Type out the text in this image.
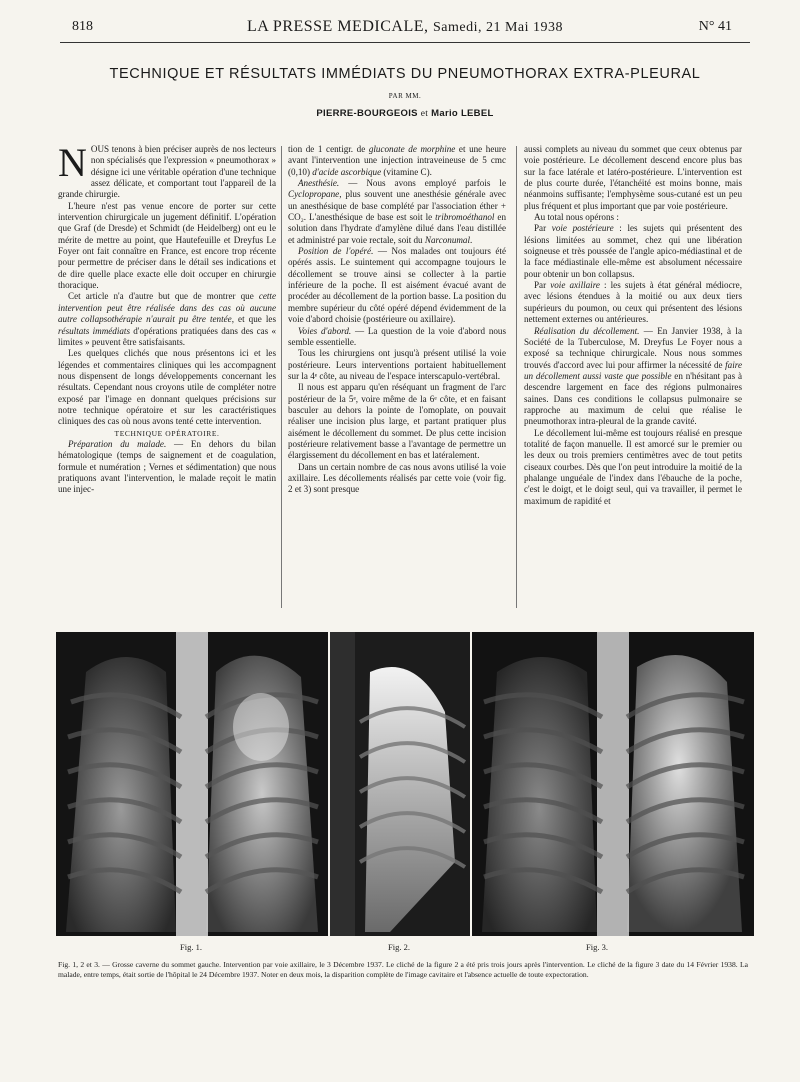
818	LA PRESSE MEDICALE, Samedi, 21 Mai 1938	N° 41
TECHNIQUE ET RÉSULTATS IMMÉDIATS DU PNEUMOTHORAX EXTRA-PLEURAL
PAR MM.
PIERRE-BOURGEOIS et Mario LEBEL

NOUS tenons à bien préciser auprès de nos lecteurs non spécialisés que l'expression « pneumothorax » désigne ici une véritable opération d'une technique assez délicate, et comportant tout l'appareil de la grande chirurgie.

L'heure n'est pas venue encore de porter sur cette intervention chirurgicale un jugement définitif. L'opération que Graf (de Dresde) et Schmidt (de Heidelberg) ont eu le mérite de mettre au point, que Hautefeuille et Dreyfus Le Foyer ont fait connaître en France, est encore trop récente pour permettre de préciser dans le détail ses indications et de dire quelle place exacte elle doit occuper en chirurgie thoracique.

Cet article n'a d'autre but que de montrer que cette intervention peut être réalisée dans des cas où aucune autre collapsothérapie n'aurait pu être tentée, et que les résultats immédiats d'opérations pratiquées dans des cas « limites » peuvent être satisfaisants.

Les quelques clichés que nous présentons ici et les légendes et commentaires cliniques qui les accompagnent nous dispensent de longs développements concernant les résultats. Cependant nous croyons utile de compléter notre exposé par l'image en donnant quelques précisions sur notre technique opératoire et sur les caractéristiques cliniques des cas où nous avons tenté cette intervention.

TECHNIQUE OPÉRATOIRE.

Préparation du malade. — En dehors du bilan hématologique (temps de saignement et de coagulation, formule et numération ; Vernes et sédimentation) que nous pratiquons avant l'intervention, le malade reçoit le matin une injec-

tion de 1 centigr. de gluconate de morphine et une heure avant l'intervention une injection intraveineuse de 5 cmc (0,10) d'acide ascorbique (vitamine C).

Anesthésie. — Nous avons employé parfois le Cyclopropane, plus souvent une anesthésie générale avec un anesthésique de base complété par l'association éther + CO₂. L'anesthésique de base est soit le tribromoéthanol en solution dans l'hydrate d'amylène dilué dans l'eau distillée et administré par voie rectale, soit du Narconumal.

Position de l'opéré. — Nos malades ont toujours été opérés assis. Le suintement qui accompagne toujours le décollement se trouve ainsi se collecter à la partie inférieure de la poche. Il est aisément évacué avant de procéder au décollement de la portion basse. La position du membre supérieur du côté opéré dépend évidemment de la voie d'abord choisie (postérieure ou axillaire).

Voies d'abord. — La question de la voie d'abord nous semble essentielle.

Tous les chirurgiens ont jusqu'à présent utilisé la voie postérieure. Leurs interventions portaient habituellement sur la 4ᵉ côte, au niveau de l'espace interscapulo-vertébral.

Il nous est apparu qu'en réséquant un fragment de l'arc postérieur de la 5ᵉ, voire même de la 6ᵉ côte, et en faisant basculer au dehors la pointe de l'omoplate, on pouvait réaliser une incision plus large, et partant pratiquer plus aisément le décollement du sommet. De plus cette incision postérieure relativement basse a l'avantage de permettre un élargissement du décollement en bas et latéralement.

Dans un certain nombre de cas nous avons utilisé la voie axillaire. Les décollements réalisés par cette voie (voir fig. 2 et 3) sont presque

aussi complets au niveau du sommet que ceux obtenus par voie postérieure. Le décollement descend encore plus bas sur la face latérale et latéro-postérieure. L'intervention est de plus courte durée, l'étanchéité est moins bonne, mais néanmoins suffisante; l'emphysème sous-cutané est un peu plus fréquent et plus important que par voie postérieure.

Au total nous opérons :

Par voie postérieure : les sujets qui présentent des lésions limitées au sommet, chez qui une libération soigneuse et très poussée de l'angle apico-médiastinal et de la face médiastinale elle-même est absolument nécessaire pour obtenir un bon collapsus.

Par voie axillaire : les sujets à état général médiocre, avec lésions étendues à la moitié ou aux deux tiers supérieurs du poumon, ou ceux qui présentent des lésions nettement externes ou antérieures.

Réalisation du décollement. — En Janvier 1938, à la Société de la Tuberculose, M. Dreyfus Le Foyer nous a exposé sa technique chirurgicale. Nous nous sommes trouvés d'accord avec lui pour affirmer la nécessité de faire un décollement aussi vaste que possible en n'hésitant pas à descendre largement en face des régions pulmonaires saines. Dans ces conditions le collapsus pulmonaire se rapproche au maximum de celui que réalise le pneumothorax intra-pleural de la grande cavité.

Le décollement lui-même est toujours réalisé en presque totalité de façon manuelle. Il est amorcé sur le premier ou les deux ou trois premiers centimètres avec de tout petits ciseaux courbes. Dès que l'on peut introduire la moitié de la phalange unguéale de l'index dans l'ébauche de la poche, c'est le doigt, et le doigt seul, qui va travailler, il permet le maximum de rapidité et

Fig. 1.	Fig. 2.	Fig. 3.
Fig. 1, 2 et 3. — Grosse caverne du sommet gauche. Intervention par voie axillaire, le 3 Décembre 1937. Le cliché de la figure 2 a été pris trois jours après l'intervention. Le cliché de la figure 3 date du 14 Février 1938. La malade, entre temps, était sortie de l'hôpital le 24 Décembre 1937. Noter en deux mois, la disparition complète de l'image cavitaire et l'absence actuelle de toute expectoration.
